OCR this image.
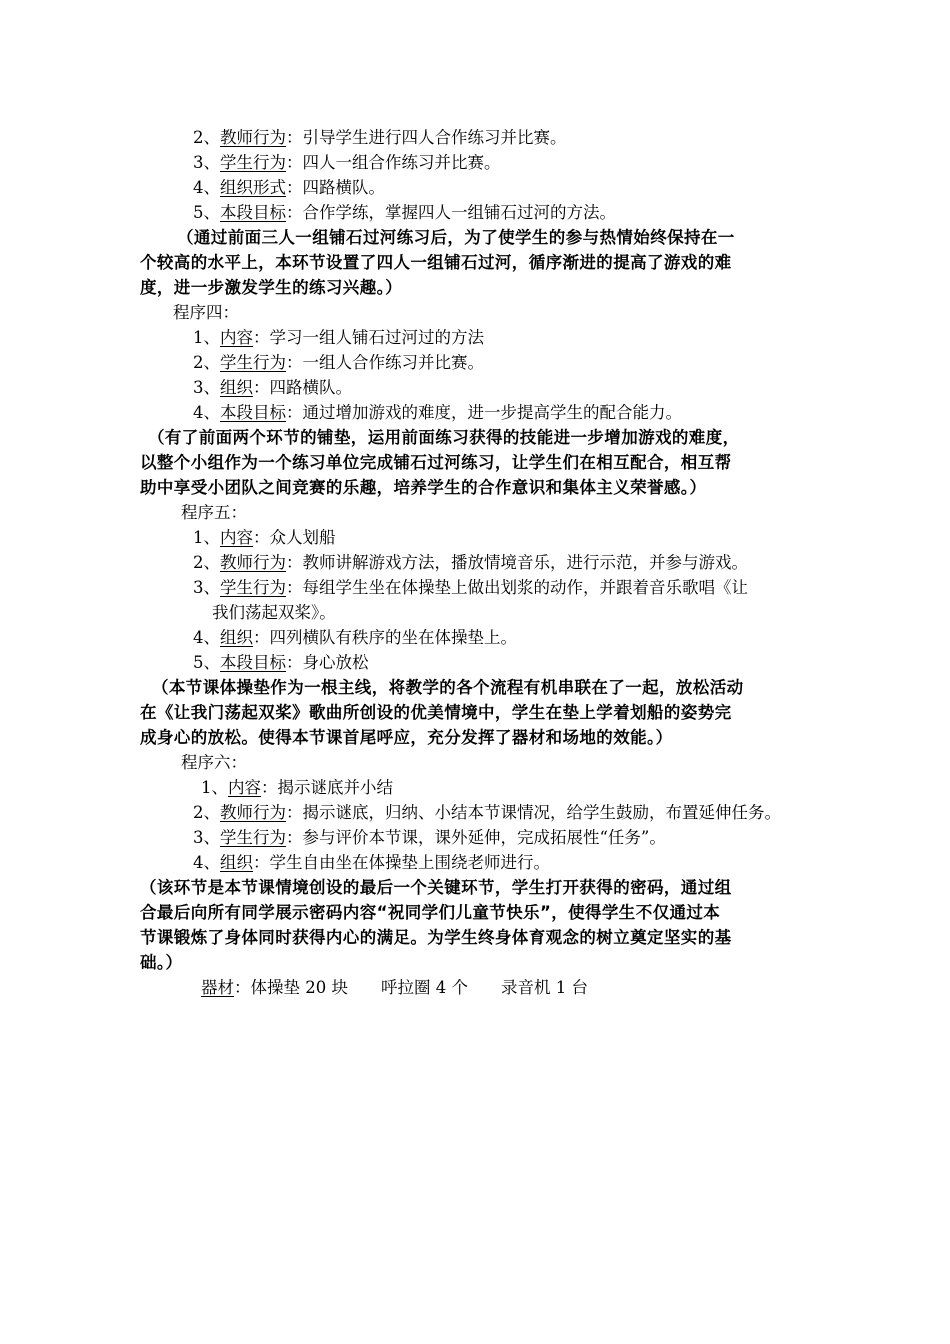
2、教师行为：引导学生进行四人合作练习并比赛。
3、学生行为：四人一组合作练习并比赛。
4、组织形式：四路横队。
5、本段目标：合作学练，掌握四人一组铺石过河的方法。
（通过前面三人一组铺石过河练习后，为了使学生的参与热情始终保持在一
个较高的水平上，本环节设置了四人一组铺石过河，循序渐进的提高了游戏的难
度，进一步激发学生的练习兴趣。）
程序四：
1、内容：学习一组人铺石过河过的方法
2、学生行为：一组人合作练习并比赛。
3、组织：四路横队。
4、本段目标：通过增加游戏的难度，进一步提高学生的配合能力。
（有了前面两个环节的铺垫，运用前面练习获得的技能进一步增加游戏的难度，
以整个小组作为一个练习单位完成铺石过河练习，让学生们在相互配合，相互帮
助中享受小团队之间竞赛的乐趣，培养学生的合作意识和集体主义荣誉感。）
程序五：
1、内容：众人划船
2、教师行为：教师讲解游戏方法，播放情境音乐，进行示范，并参与游戏。
3、学生行为：每组学生坐在体操垫上做出划浆的动作，并跟着音乐歌唱《让
我们荡起双桨》。
4、组织：四列横队有秩序的坐在体操垫上。
5、本段目标：身心放松
（本节课体操垫作为一根主线，将教学的各个流程有机串联在了一起，放松活动
在《让我门荡起双桨》歌曲所创设的优美情境中，学生在垫上学着划船的姿势完
成身心的放松。使得本节课首尾呼应，充分发挥了器材和场地的效能。）
程序六：
1、内容：揭示谜底并小结
2、教师行为：揭示谜底，归纳、小结本节课情况，给学生鼓励，布置延伸任务。
3、学生行为：参与评价本节课，课外延伸，完成拓展性“任务”。
4、组织：学生自由坐在体操垫上围绕老师进行。
（该环节是本节课情境创设的最后一个关键环节，学生打开获得的密码，通过组
合最后向所有同学展示密码内容“祝同学们儿童节快乐”，使得学生不仅通过本
节课锻炼了身体同时获得内心的满足。为学生终身体育观念的树立奠定坚实的基
础。）
器材：体操垫 20 块　　呼拉圈 4 个　　录音机 1 台
